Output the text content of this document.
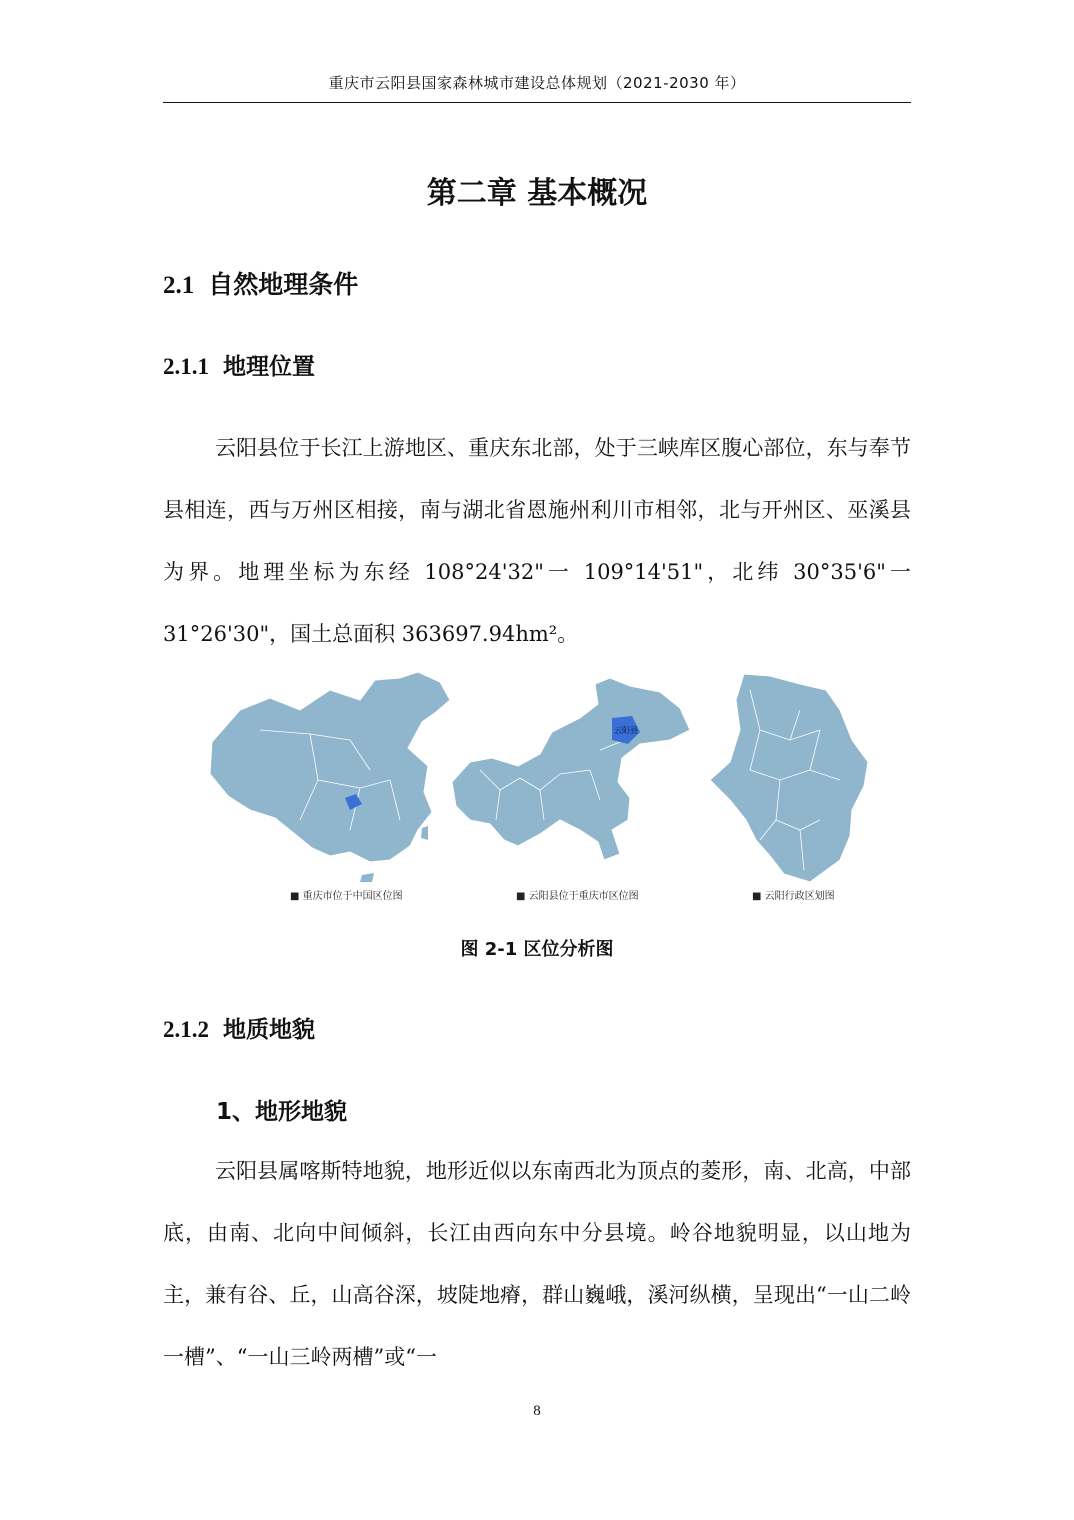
重庆市云阳县国家森林城市建设总体规划（2021-2030 年）
第二章 基本概况
2.1 自然地理条件
2.1.1 地理位置
云阳县位于长江上游地区、重庆东北部，处于三峡库区腹心部位，东与奉节县相连，西与万州区相接，南与湖北省恩施州利川市相邻，北与开州区、巫溪县为界。地理坐标为东经 108°24'32"一 109°14'51"，北纬 30°35'6"一 31°26'30"，国土总面积 363697.94hm²。
云阳县
■ 重庆市位于中国区位图	■ 云阳县位于重庆市区位图	■ 云阳行政区划图
图 2-1 区位分析图
2.1.2 地质地貌
1、地形地貌
云阳县属喀斯特地貌，地形近似以东南西北为顶点的菱形，南、北高，中部底，由南、北向中间倾斜，长江由西向东中分县境。岭谷地貌明显，以山地为主，兼有谷、丘，山高谷深，坡陡地瘠，群山巍峨，溪河纵横，呈现出“一山二岭一槽”、“一山三岭两槽”或“一
8
